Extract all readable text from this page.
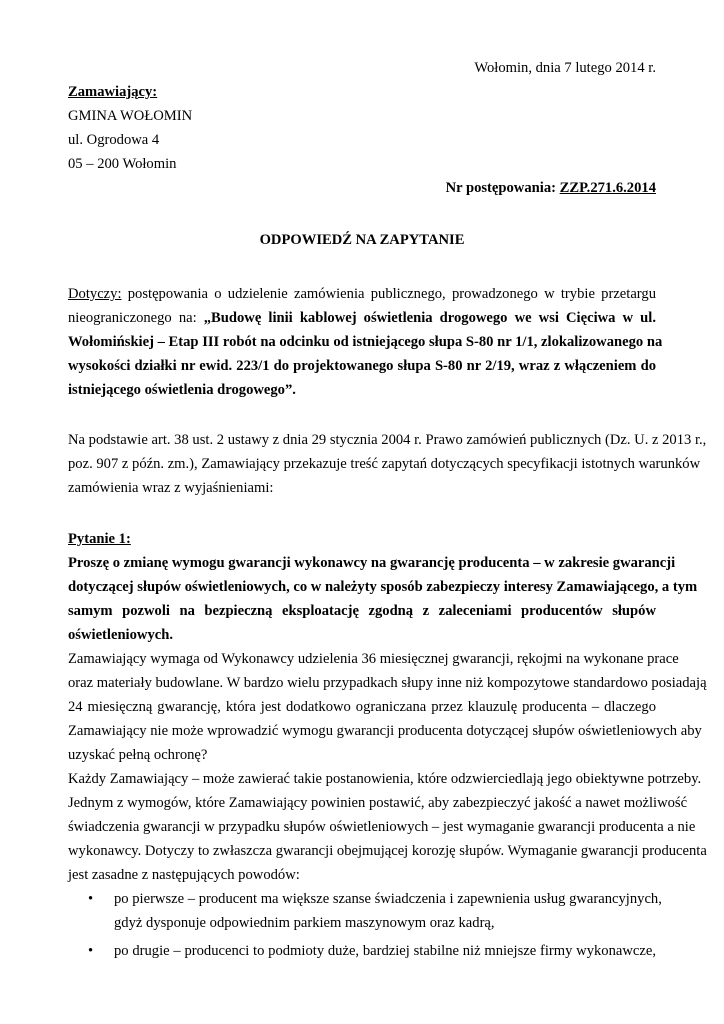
Wołomin, dnia 7 lutego 2014 r.
Zamawiający:
GMINA WOŁOMIN
ul. Ogrodowa 4
05 – 200 Wołomin
Nr postępowania: ZZP.271.6.2014
ODPOWIEDŹ NA ZAPYTANIE
Dotyczy: postępowania o udzielenie zamówienia publicznego, prowadzonego w trybie przetargu
nieograniczonego na: „Budowę linii kablowej oświetlenia drogowego we wsi Cięciwa w ul.
Wołomińskiej – Etap III robót na odcinku od istniejącego słupa S-80 nr 1/1, zlokalizowanego na
wysokości działki nr ewid. 223/1 do projektowanego słupa S-80 nr 2/19, wraz z włączeniem do
istniejącego oświetlenia drogowego”.
Na podstawie art. 38 ust. 2 ustawy z dnia 29 stycznia 2004 r. Prawo zamówień publicznych (Dz. U. z 2013 r.,
poz. 907 z późn. zm.), Zamawiający przekazuje treść zapytań dotyczących specyfikacji istotnych warunków
zamówienia wraz z wyjaśnieniami:
Pytanie 1:
Proszę o zmianę wymogu gwarancji wykonawcy na gwarancję producenta – w zakresie gwarancji
dotyczącej słupów oświetleniowych, co w należyty sposób zabezpieczy interesy Zamawiającego, a tym
samym pozwoli na bezpieczną eksploatację zgodną z zaleceniami producentów słupów
oświetleniowych.
Zamawiający wymaga od Wykonawcy udzielenia 36 miesięcznej gwarancji, rękojmi na wykonane prace
oraz materiały budowlane. W bardzo wielu przypadkach słupy inne niż kompozytowe standardowo posiadają
24 miesięczną gwarancję, która jest dodatkowo ograniczana przez klauzulę producenta – dlaczego
Zamawiający nie może wprowadzić wymogu gwarancji producenta dotyczącej słupów oświetleniowych aby
uzyskać pełną ochronę?
Każdy Zamawiający – może zawierać takie postanowienia, które odzwierciedlają jego obiektywne potrzeby.
Jednym z wymogów, które Zamawiający powinien postawić, aby zabezpieczyć jakość a nawet możliwość
świadczenia gwarancji w przypadku słupów oświetleniowych – jest wymaganie gwarancji producenta a nie
wykonawcy. Dotyczy to zwłaszcza gwarancji obejmującej korozję słupów. Wymaganie gwarancji producenta
jest zasadne z następujących powodów:
• po pierwsze – producent ma większe szanse świadczenia i zapewnienia usług gwarancyjnych,
gdyż dysponuje odpowiednim parkiem maszynowym oraz kadrą,
• po drugie – producenci to podmioty duże, bardziej stabilne niż mniejsze firmy wykonawcze,
